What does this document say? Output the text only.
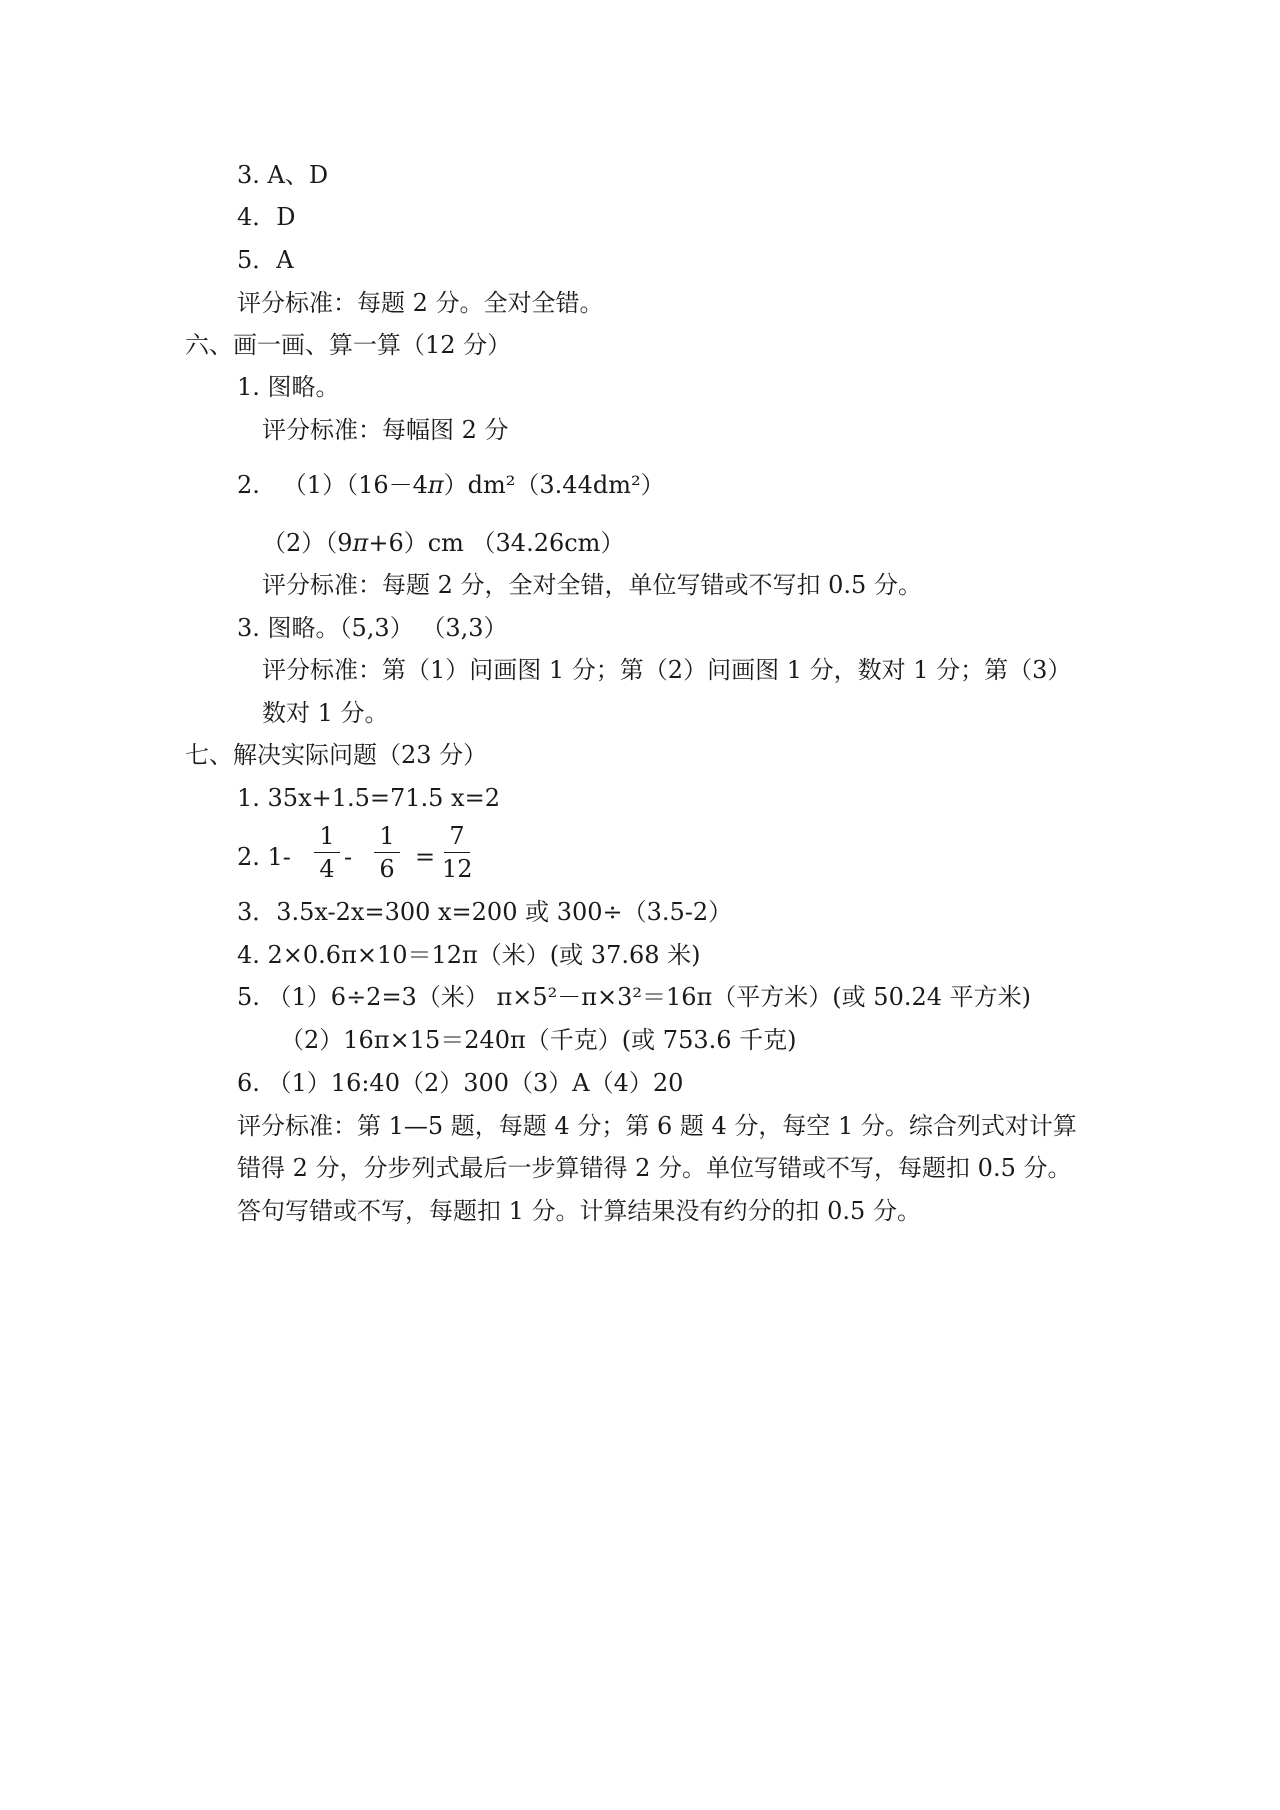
3. A、D
4．D
5．A
评分标准：每题 2 分。全对全错。
六、画一画、算一算（12 分）
1. 图略。
评分标准：每幅图 2 分
2. （1）（16－4π）dm²（3.44dm²）
（2）（9π+6）cm （34.26cm）
评分标准：每题 2 分，全对全错，单位写错或不写扣 0.5 分。
3. 图略。（5,3） （3,3）
评分标准：第（1）问画图 1 分；第（2）问画图 1 分，数对 1 分；第（3）
数对 1 分。
七、解决实际问题（23 分）
1. 35x+1.5=71.5 x=2
2. 1-
1
4 -
1
6 =
7
12
3．3.5x-2x=300 x=200 或 300÷（3.5-2）
4. 2×0.6π×10＝12π（米）(或 37.68 米)
5. （1）6÷2=3（米） π×5²－π×3²＝16π（平方米）(或 50.24 平方米)
（2）16π×15＝240π（千克）(或 753.6 千克)
6. （1）16:40（2）300（3）A（4）20
评分标准：第 1—5 题，每题 4 分；第 6 题 4 分，每空 1 分。综合列式对计算
错得 2 分，分步列式最后一步算错得 2 分。单位写错或不写，每题扣 0.5 分。
答句写错或不写，每题扣 1 分。计算结果没有约分的扣 0.5 分。
